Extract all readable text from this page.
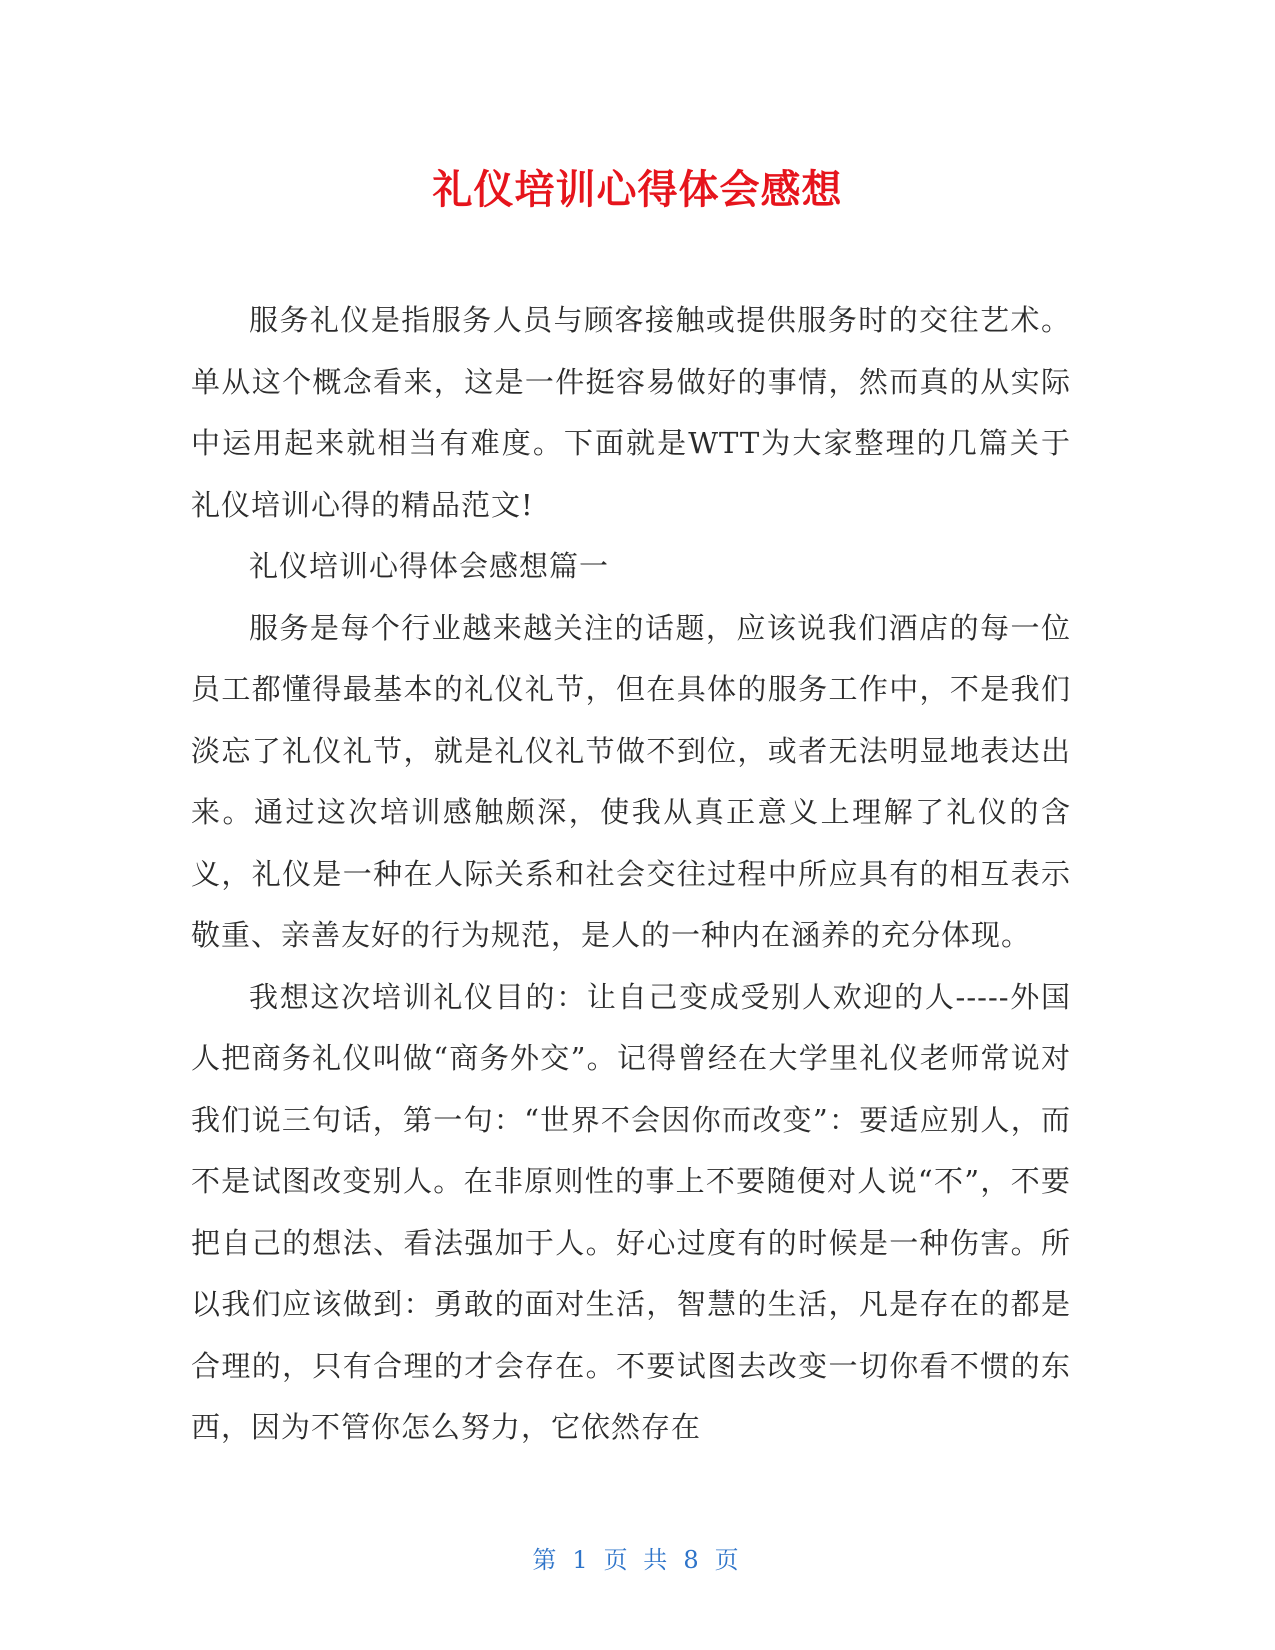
礼仪培训心得体会感想

服务礼仪是指服务人员与顾客接触或提供服务时的交往艺术。单从这个概念看来，这是一件挺容易做好的事情，然而真的从实际中运用起来就相当有难度。下面就是WTT为大家整理的几篇关于礼仪培训心得的精品范文!

礼仪培训心得体会感想篇一

服务是每个行业越来越关注的话题，应该说我们酒店的每一位员工都懂得最基本的礼仪礼节，但在具体的服务工作中，不是我们淡忘了礼仪礼节，就是礼仪礼节做不到位，或者无法明显地表达出来。通过这次培训感触颇深，使我从真正意义上理解了礼仪的含义，礼仪是一种在人际关系和社会交往过程中所应具有的相互表示敬重、亲善友好的行为规范，是人的一种内在涵养的充分体现。

我想这次培训礼仪目的：让自己变成受别人欢迎的人-----外国人把商务礼仪叫做“商务外交”。记得曾经在大学里礼仪老师常说对我们说三句话，第一句：“世界不会因你而改变”：要适应别人，而不是试图改变别人。在非原则性的事上不要随便对人说“不”，不要把自己的想法、看法强加于人。好心过度有的时候是一种伤害。所以我们应该做到：勇敢的面对生活，智慧的生活，凡是存在的都是合理的，只有合理的才会存在。不要试图去改变一切你看不惯的东西，因为不管你怎么努力，它依然存在

第 1 页 共 8 页
